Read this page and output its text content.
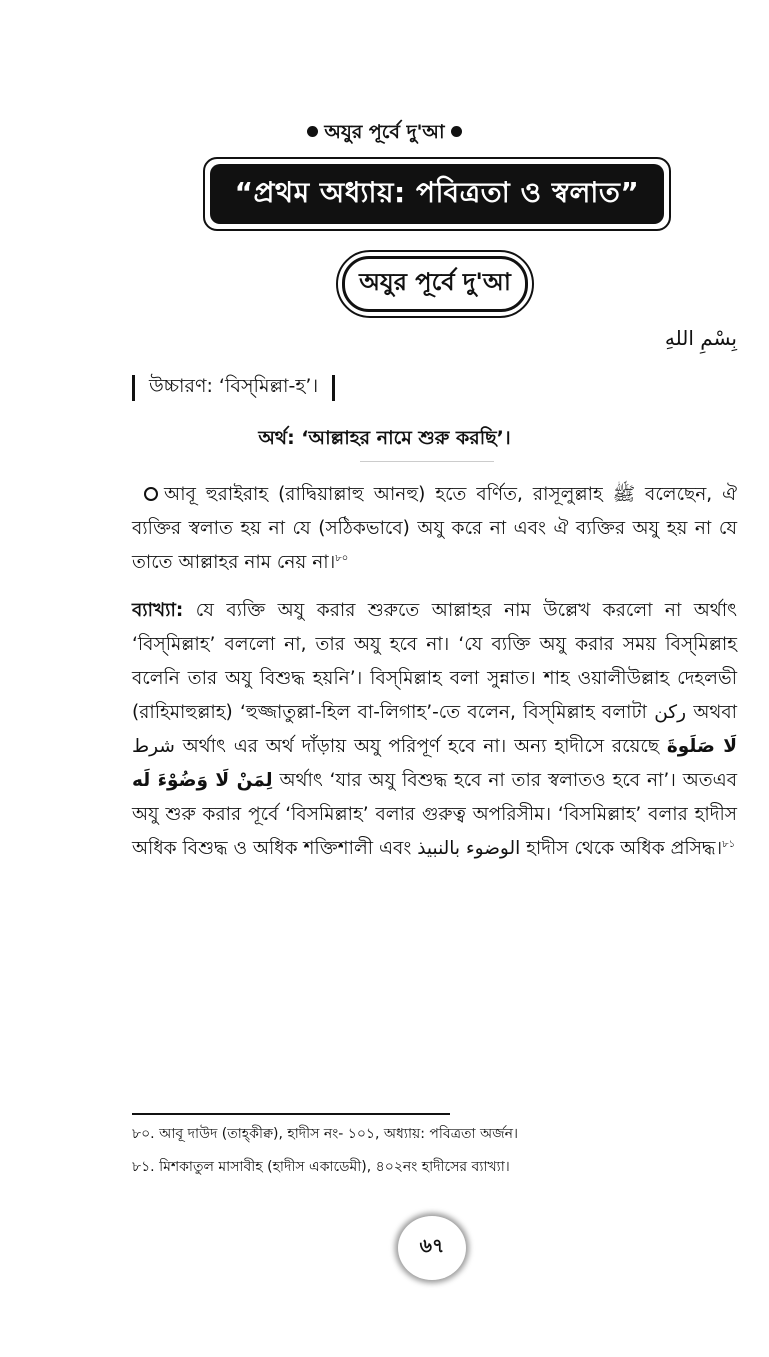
অযুর পূর্বে দু'আ
“প্রথম অধ্যায়: পবিত্রতা ও স্বলাত”
অযুর পূর্বে দু'আ
بِسْمِ اللهِ
উচ্চারণ: ‘বিস্‌মিল্লা-হ’।
অর্থ: ‘আল্লাহর নামে শুরু করছি’।
আবূ হুরাইরাহ (রাদ্বিয়াল্লাহু আনহু) হতে বর্ণিত, রাসূলুল্লাহ ﷺ বলেছেন, ঐ ব্যক্তির স্বলাত হয় না যে (সঠিকভাবে) অযু করে না এবং ঐ ব্যক্তির অযু হয় না যে তাতে আল্লাহর নাম নেয় না।$^{৮০}$
ব্যাখ্যা: যে ব্যক্তি অযু করার শুরুতে আল্লাহর নাম উল্লেখ করলো না অর্থাৎ ‘বিস্‌মিল্লাহ’ বললো না, তার অযু হবে না। ‘যে ব্যক্তি অযু করার সময় বিস্‌মিল্লাহ বলেনি তার অযু বিশুদ্ধ হয়নি’। বিস্‌মিল্লাহ বলা সুন্নাত। শাহ ওয়ালীউল্লাহ দেহলভী (রাহিমাহুল্লাহ) ‘হুজ্জাতুল্লা-হিল বা-লিগাহ’-তে বলেন, বিস্‌মিল্লাহ বলাটা ركن অথবা شرط অর্থাৎ এর অর্থ দাঁড়ায় অযু পরিপূর্ণ হবে না। অন্য হাদীসে রয়েছে لَا صَلَوةَ لِمَنْ لَا وَضُوْءَ لَه অর্থাৎ ‘যার অযু বিশুদ্ধ হবে না তার স্বলাতও হবে না’। অতএব অযু শুরু করার পূর্বে ‘বিসমিল্লাহ’ বলার গুরুত্ব অপরিসীম। ‘বিসমিল্লাহ’ বলার হাদীস অধিক বিশুদ্ধ ও অধিক শক্তিশালী এবং الوضوء بالنبيذ হাদীস থেকে অধিক প্রসিদ্ধ।$^{৮১}$
৮০. আবূ দাউদ (তাহ্‌কীক্ব), হাদীস নং- ১০১, অধ্যায়: পবিত্রতা অর্জন।
৮১. মিশকাতুল মাসাবীহ (হাদীস একাডেমী), ৪০২নং হাদীসের ব্যাখ্যা।
৬৭
